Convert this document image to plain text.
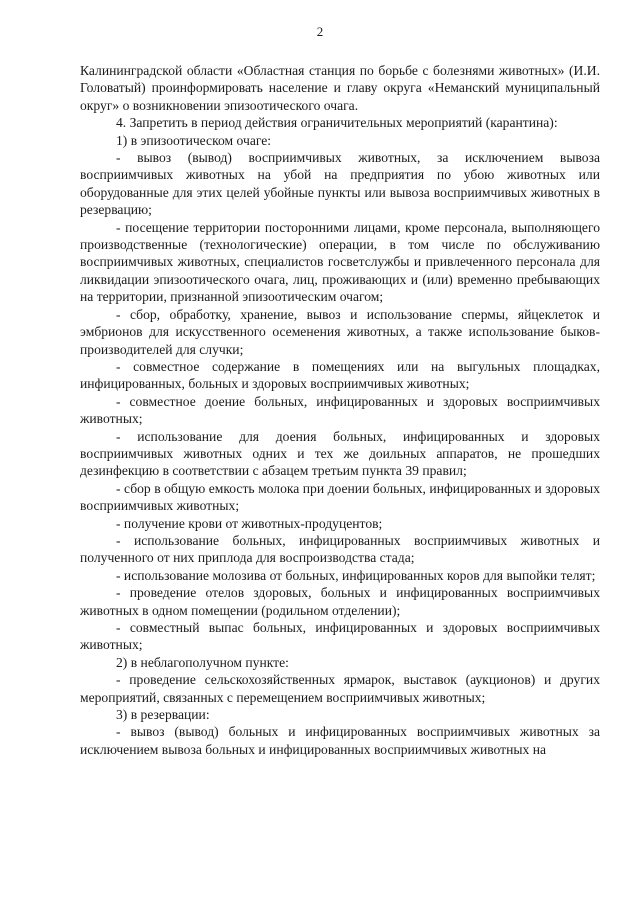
2

Калининградской области «Областная станция по борьбе с болезнями животных» (И.И. Головатый) проинформировать население и главу округа «Неманский муниципальный округ» о возникновении эпизоотического очага.

4. Запретить в период действия ограничительных мероприятий (карантина):

1) в эпизоотическом очаге:

- вывоз (вывод) восприимчивых животных, за исключением вывоза восприимчивых животных на убой на предприятия по убою животных или оборудованные для этих целей убойные пункты или вывоза восприимчивых животных в резервацию;

- посещение территории посторонними лицами, кроме персонала, выполняющего производственные (технологические) операции, в том числе по обслуживанию восприимчивых животных, специалистов госветслужбы и привлеченного персонала для ликвидации эпизоотического очага, лиц, проживающих и (или) временно пребывающих на территории, признанной эпизоотическим очагом;

- сбор, обработку, хранение, вывоз и использование спермы, яйцеклеток и эмбрионов для искусственного осеменения животных, а также использование быков-производителей для случки;

- совместное содержание в помещениях или на выгульных площадках, инфицированных, больных и здоровых восприимчивых животных;

- совместное доение больных, инфицированных и здоровых восприимчивых животных;

- использование для доения больных, инфицированных и здоровых восприимчивых животных одних и тех же доильных аппаратов, не прошедших дезинфекцию в соответствии с абзацем третьим пункта 39 правил;

- сбор в общую емкость молока при доении больных, инфицированных и здоровых восприимчивых животных;

- получение крови от животных-продуцентов;

- использование больных, инфицированных восприимчивых животных и полученного от них приплода для воспроизводства стада;

- использование молозива от больных, инфицированных коров для выпойки телят;

- проведение отелов здоровых, больных и инфицированных восприимчивых животных в одном помещении (родильном отделении);

- совместный выпас больных, инфицированных и здоровых восприимчивых животных;

2) в неблагополучном пункте:

- проведение сельскохозяйственных ярмарок, выставок (аукционов) и других мероприятий, связанных с перемещением восприимчивых животных;

3) в резервации:

- вывоз (вывод) больных и инфицированных восприимчивых животных за исключением вывоза больных и инфицированных восприимчивых животных на
